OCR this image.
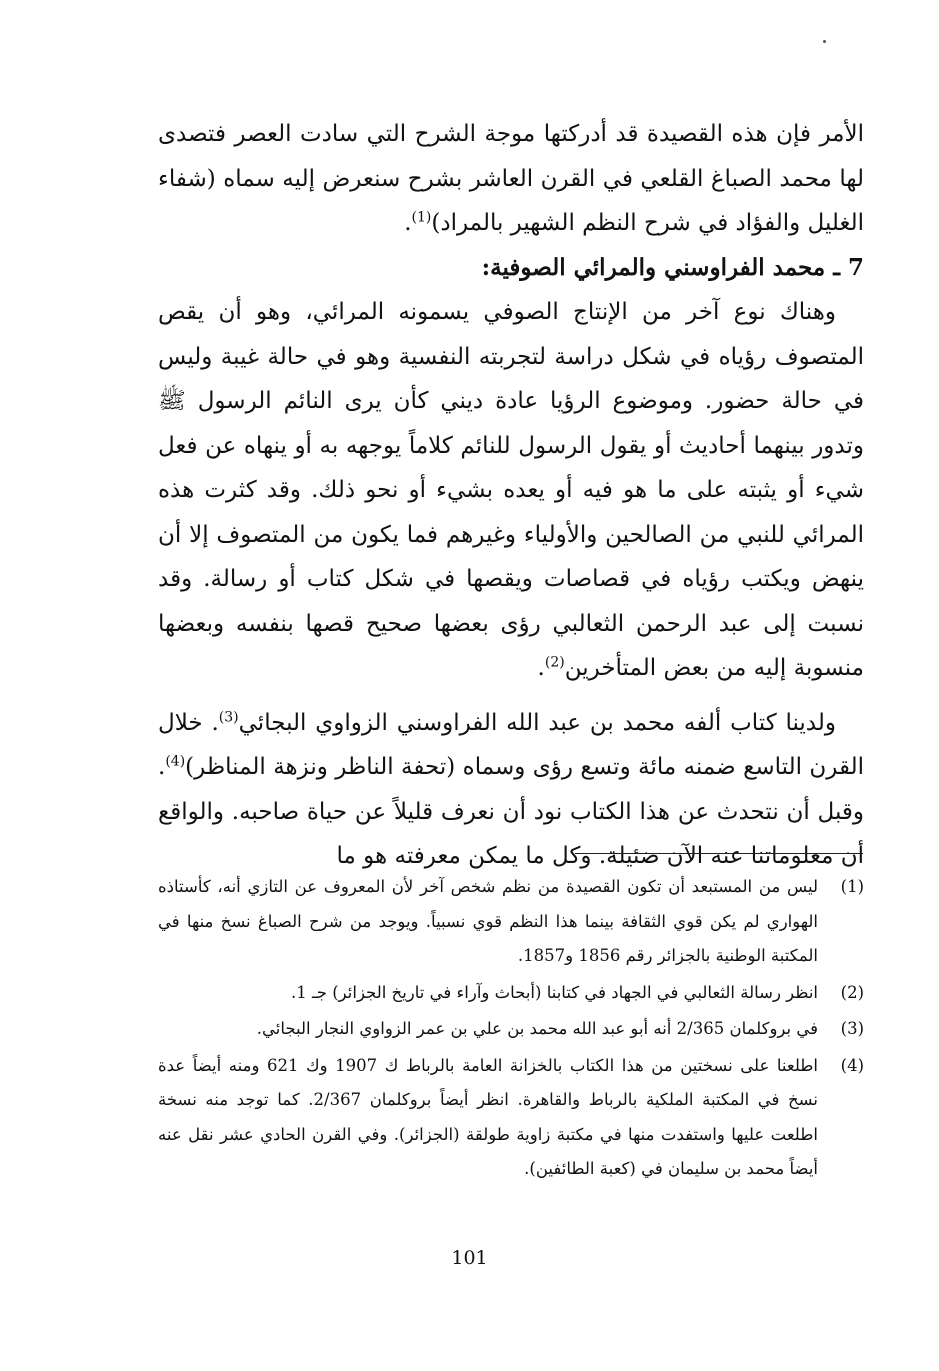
الأمر فإن هذه القصيدة قد أدركتها موجة الشرح التي سادت العصر فتصدى لها محمد الصباغ القلعي في القرن العاشر بشرح سنعرض إليه سماه (شفاء الغليل والفؤاد في شرح النظم الشهير بالمراد)$^{(1)}$.

7 ـ محمد الفراوسني والمرائي الصوفية:

وهناك نوع آخر من الإنتاج الصوفي يسمونه المرائي، وهو أن يقص المتصوف رؤياه في شكل دراسة لتجربته النفسية وهو في حالة غيبة وليس في حالة حضور. وموضوع الرؤيا عادة ديني كأن يرى النائم الرسول ﷺ وتدور بينهما أحاديث أو يقول الرسول للنائم كلاماً يوجهه به أو ينهاه عن فعل شيء أو يثبته على ما هو فيه أو يعده بشيء أو نحو ذلك. وقد كثرت هذه المرائي للنبي من الصالحين والأولياء وغيرهم فما يكون من المتصوف إلا أن ينهض ويكتب رؤياه في قصاصات ويقصها في شكل كتاب أو رسالة. وقد نسبت إلى عبد الرحمن الثعالبي رؤى بعضها صحيح قصها بنفسه وبعضها منسوبة إليه من بعض المتأخرين$^{(2)}$.

ولدينا كتاب ألفه محمد بن عبد الله الفراوسني الزواوي البجائي$^{(3)}$. خلال القرن التاسع ضمنه مائة وتسع رؤى وسماه (تحفة الناظر ونزهة المناظر)$^{(4)}$. وقبل أن نتحدث عن هذا الكتاب نود أن نعرف قليلاً عن حياة صاحبه. والواقع أن معلوماتنا عنه الآن ضئيلة. وكل ما يمكن معرفته هو ما

(1)
ليس من المستبعد أن تكون القصيدة من نظم شخص آخر لأن المعروف عن التازي أنه، كأستاذه الهواري لم يكن قوي الثقافة بينما هذا النظم قوي نسبياً. ويوجد من شرح الصباغ نسخ منها في المكتبة الوطنية بالجزائر رقم 1856 و1857.
(2)
انظر رسالة الثعالبي في الجهاد في كتابنا (أبحاث وآراء في تاريخ الجزائر) جـ 1.
(3)
في بروكلمان 2/365 أنه أبو عبد الله محمد بن علي بن عمر الزواوي النجار البجائي.
(4)
اطلعنا على نسختين من هذا الكتاب بالخزانة العامة بالرباط ك 1907 وك 621 ومنه أيضاً عدة نسخ في المكتبة الملكية بالرباط والقاهرة. انظر أيضاً بروكلمان 2/367. كما توجد منه نسخة اطلعت عليها واستفدت منها في مكتبة زاوية طولقة (الجزائر). وفي القرن الحادي عشر نقل عنه أيضاً محمد بن سليمان في (كعبة الطائفين).
101
